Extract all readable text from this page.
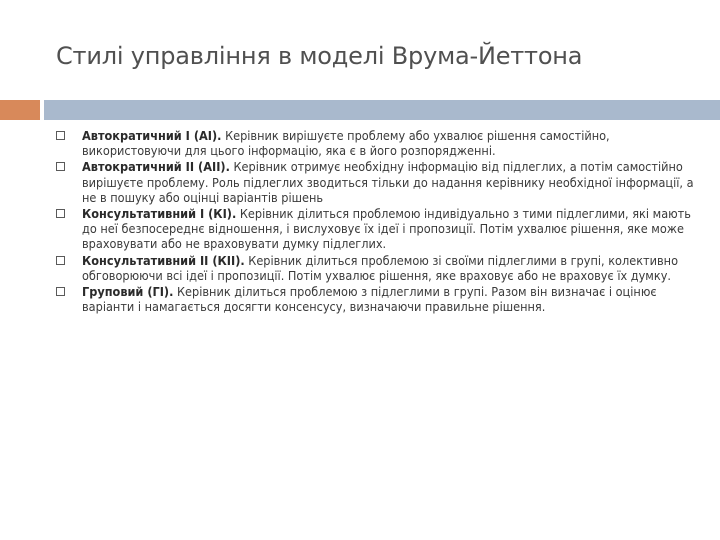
Стилі управління в моделі Врума-Йеттона
Автократичний І (АІ). Керівник вирішуєте проблему або ухвалює рішення самостійно, використовуючи для цього інформацію, яка є в його розпорядженні.
Автократичний ІІ (АІІ). Керівник отримує необхідну інформацію від підлеглих, а потім самостійно вирішуєте проблему. Роль підлеглих зводиться тільки до надання керівнику необхідної інформації, а не в пошуку або оцінці варіантів рішень
Консультативний І (КІ). Керівник ділиться проблемою індивідуально з тими підлеглими, які мають до неї безпосереднє відношення, і вислуховує їх ідеї і пропозиції. Потім ухвалює рішення, яке може враховувати або не враховувати думку підлеглих.
Консультативний ІІ (КІІ). Керівник ділиться проблемою зі своїми підлеглими в групі, колективно обговорюючи всі ідеї і пропозиції. Потім ухвалює рішення, яке враховує або не враховує їх думку.
Груповий (ГІ). Керівник ділиться проблемою з підлеглими в групі. Разом він визначає і оцінює варіанти і намагається досягти консенсусу, визначаючи правильне рішення.
